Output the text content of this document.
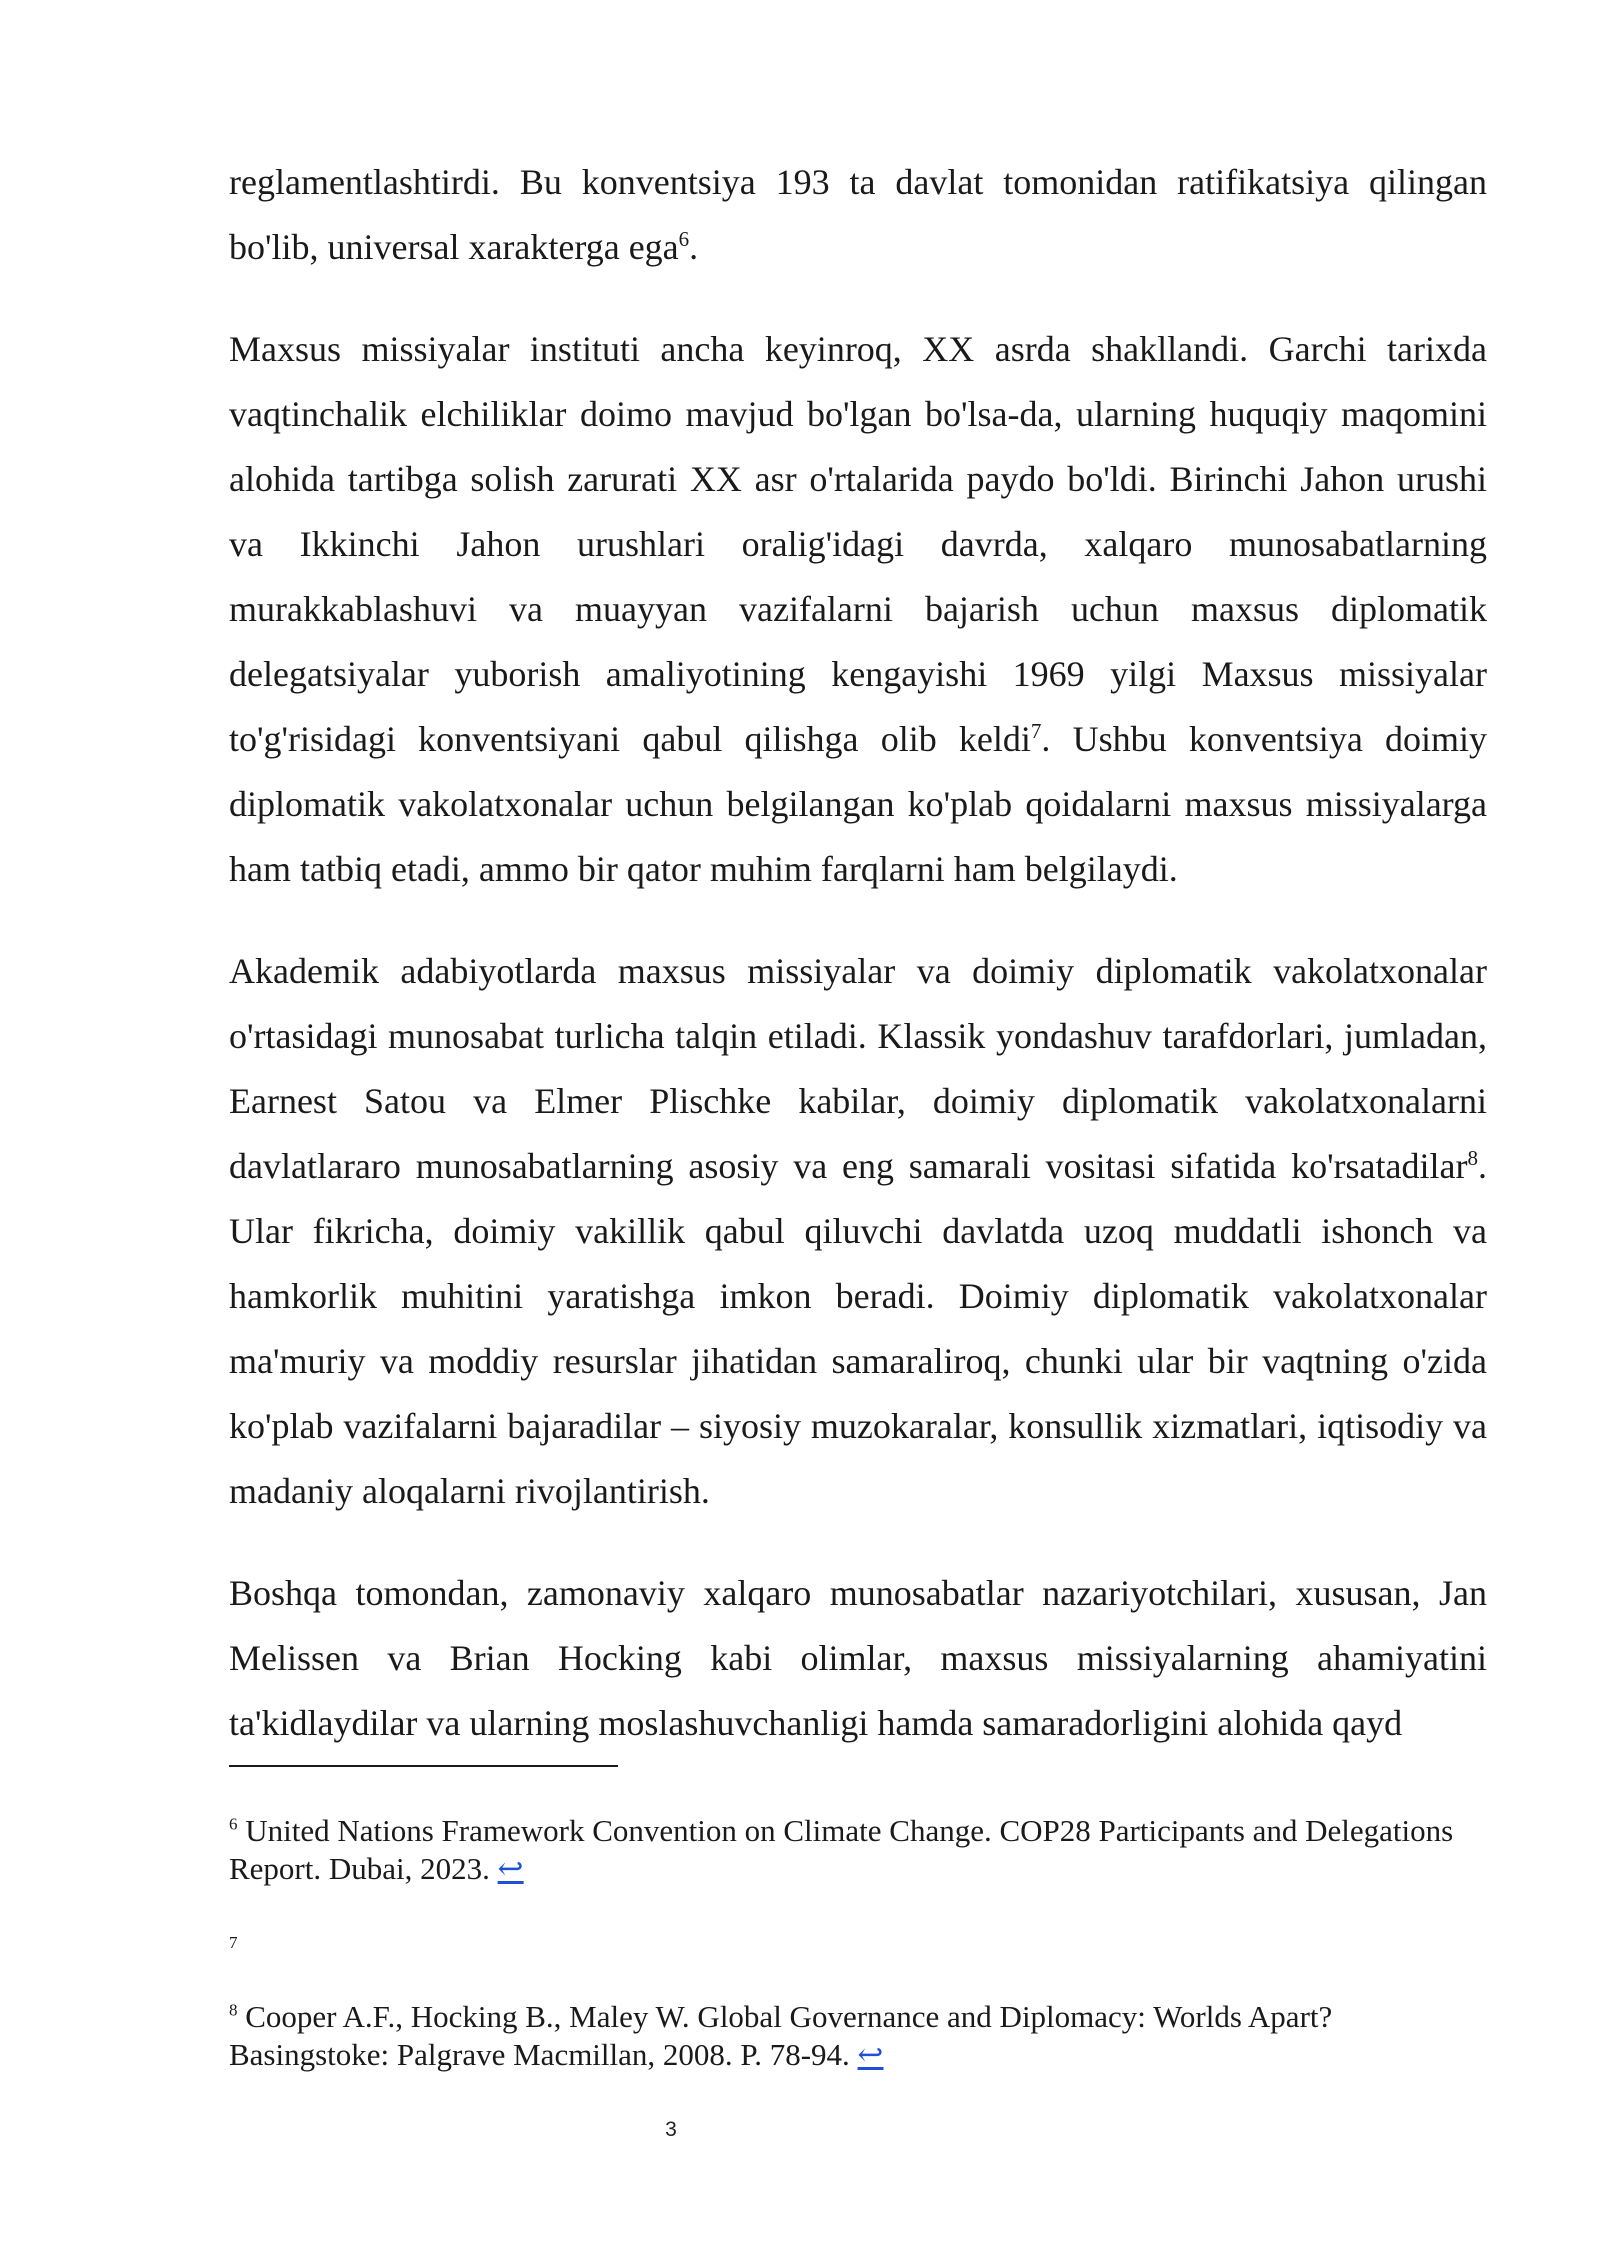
reglamentlashtirdi. Bu konventsiya 193 ta davlat tomonidan ratifikatsiya qilingan bo'lib, universal xarakterga ega$^6$.

Maxsus missiyalar instituti ancha keyinroq, XX asrda shakllandi. Garchi tarixda vaqtinchalik elchiliklar doimo mavjud bo'lgan bo'lsa-da, ularning huquqiy maqomini alohida tartibga solish zarurati XX asr o'rtalarida paydo bo'ldi. Birinchi Jahon urushi va Ikkinchi Jahon urushlari oralig'idagi davrda, xalqaro munosabatlarning murakkablashuvi va muayyan vazifalarni bajarish uchun maxsus diplomatik delegatsiyalar yuborish amaliyotining kengayishi 1969 yilgi Maxsus missiyalar to'g'risidagi konventsiyani qabul qilishga olib keldi$^7$. Ushbu konventsiya doimiy diplomatik vakolatxonalar uchun belgilangan ko'plab qoidalarni maxsus missiyalarga ham tatbiq etadi, ammo bir qator muhim farqlarni ham belgilaydi.

Akademik adabiyotlarda maxsus missiyalar va doimiy diplomatik vakolatxonalar o'rtasidagi munosabat turlicha talqin etiladi. Klassik yondashuv tarafdorlari, jumladan, Earnest Satou va Elmer Plischke kabilar, doimiy diplomatik vakolatxonalarni davlatlararo munosabatlarning asosiy va eng samarali vositasi sifatida ko'rsatadilar$^8$. Ular fikricha, doimiy vakillik qabul qiluvchi davlatda uzoq muddatli ishonch va hamkorlik muhitini yaratishga imkon beradi. Doimiy diplomatik vakolatxonalar ma'muriy va moddiy resurslar jihatidan samaraliroq, chunki ular bir vaqtning o'zida ko'plab vazifalarni bajaradilar – siyosiy muzokaralar, konsullik xizmatlari, iqtisodiy va madaniy aloqalarni rivojlantirish.

Boshqa tomondan, zamonaviy xalqaro munosabatlar nazariyotchilari, xususan, Jan Melissen va Brian Hocking kabi olimlar, maxsus missiyalarning ahamiyatini ta'kidlaydilar va ularning moslashuvchanligi hamda samaradorligini alohida qayd

$^6$ United Nations Framework Convention on Climate Change. COP28 Participants and Delegations Report. Dubai, 2023. ↩

7

$^8$ Cooper A.F., Hocking B., Maley W. Global Governance and Diplomacy: Worlds Apart? Basingstoke: Palgrave Macmillan, 2008. P. 78-94. ↩

3
